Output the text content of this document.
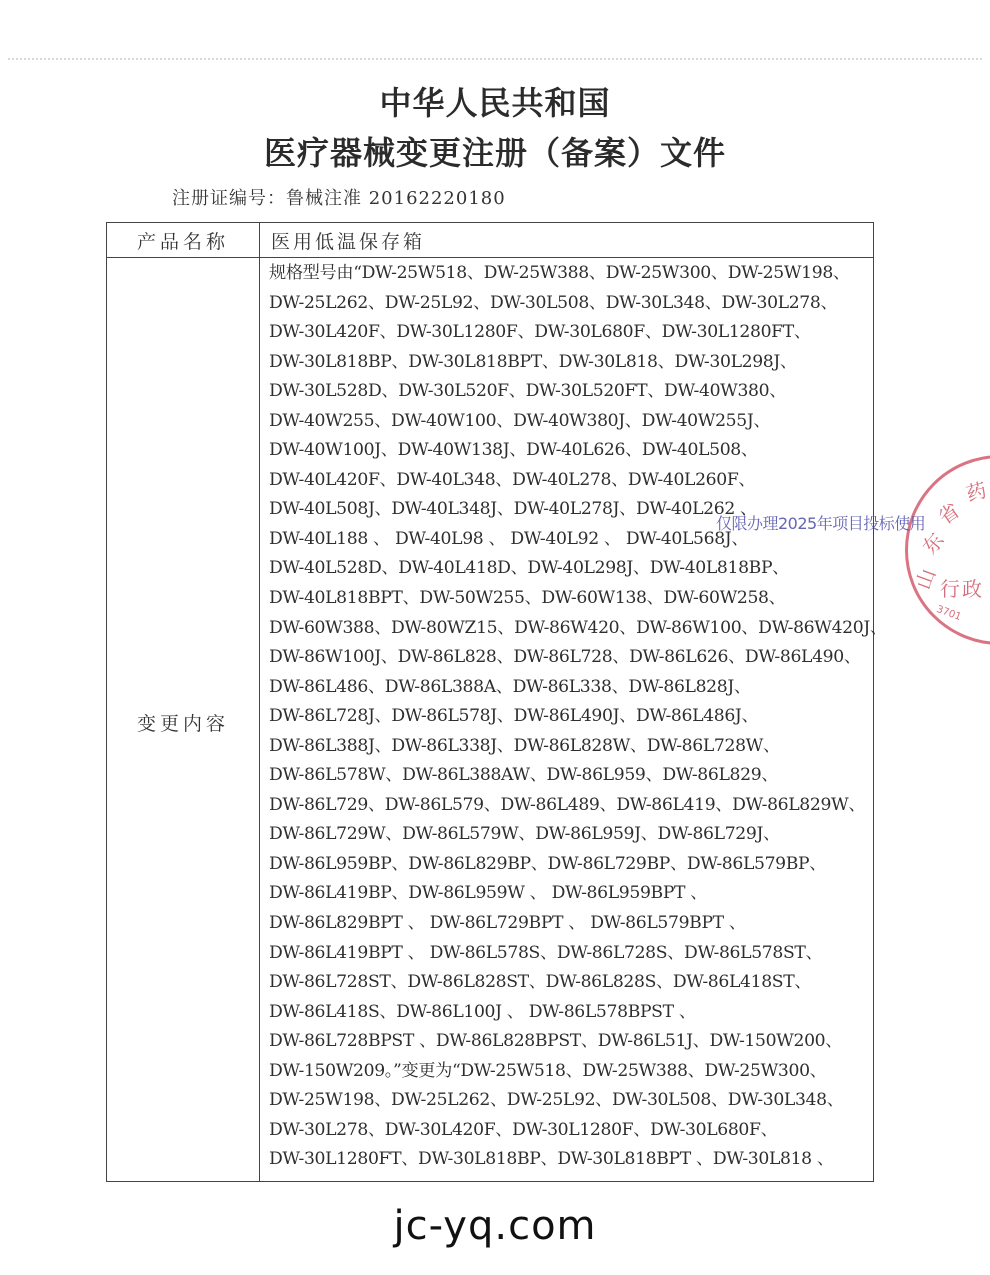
中华人民共和国
医疗器械变更注册（备案）文件
注册证编号：鲁械注准 20162220180
产品名称	医用低温保存箱
变更内容
规格型号由“DW-25W518、DW-25W388、DW-25W300、DW-25W198、
DW-25L262、DW-25L92、DW-30L508、DW-30L348、DW-30L278、
DW-30L420F、DW-30L1280F、DW-30L680F、DW-30L1280FT、
DW-30L818BP、DW-30L818BPT、DW-30L818、DW-30L298J、
DW-30L528D、DW-30L520F、DW-30L520FT、DW-40W380、
DW-40W255、DW-40W100、DW-40W380J、DW-40W255J、
DW-40W100J、DW-40W138J、DW-40L626、DW-40L508、
DW-40L420F、DW-40L348、DW-40L278、DW-40L260F、
DW-40L508J、DW-40L348J、DW-40L278J、DW-40L262 、
DW-40L188 、 DW-40L98 、 DW-40L92 、 DW-40L568J、
DW-40L528D、DW-40L418D、DW-40L298J、DW-40L818BP、
DW-40L818BPT、DW-50W255、DW-60W138、DW-60W258、
DW-60W388、DW-80WZ15、DW-86W420、DW-86W100、DW-86W420J、
DW-86W100J、DW-86L828、DW-86L728、DW-86L626、DW-86L490、
DW-86L486、DW-86L388A、DW-86L338、DW-86L828J、
DW-86L728J、DW-86L578J、DW-86L490J、DW-86L486J、
DW-86L388J、DW-86L338J、DW-86L828W、DW-86L728W、
DW-86L578W、DW-86L388AW、DW-86L959、DW-86L829、
DW-86L729、DW-86L579、DW-86L489、DW-86L419、DW-86L829W、
DW-86L729W、DW-86L579W、DW-86L959J、DW-86L729J、
DW-86L959BP、DW-86L829BP、DW-86L729BP、DW-86L579BP、
DW-86L419BP、DW-86L959W 、 DW-86L959BPT 、
DW-86L829BPT 、 DW-86L729BPT 、 DW-86L579BPT 、
DW-86L419BPT 、 DW-86L578S、DW-86L728S、DW-86L578ST、
DW-86L728ST、DW-86L828ST、DW-86L828S、DW-86L418ST、
DW-86L418S、DW-86L100J 、 DW-86L578BPST 、
DW-86L728BPST 、DW-86L828BPST、DW-86L51J、DW-150W200、
DW-150W209。”变更为“DW-25W518、DW-25W388、DW-25W300、
DW-25W198、DW-25L262、DW-25L92、DW-30L508、DW-30L348、
DW-30L278、DW-30L420F、DW-30L1280F、DW-30L680F、
DW-30L1280FT、DW-30L818BP、DW-30L818BPT 、DW-30L818 、
山
东
省
药
行 政
3701
仅限办理2025年项目投标使用
jc-yq.com
